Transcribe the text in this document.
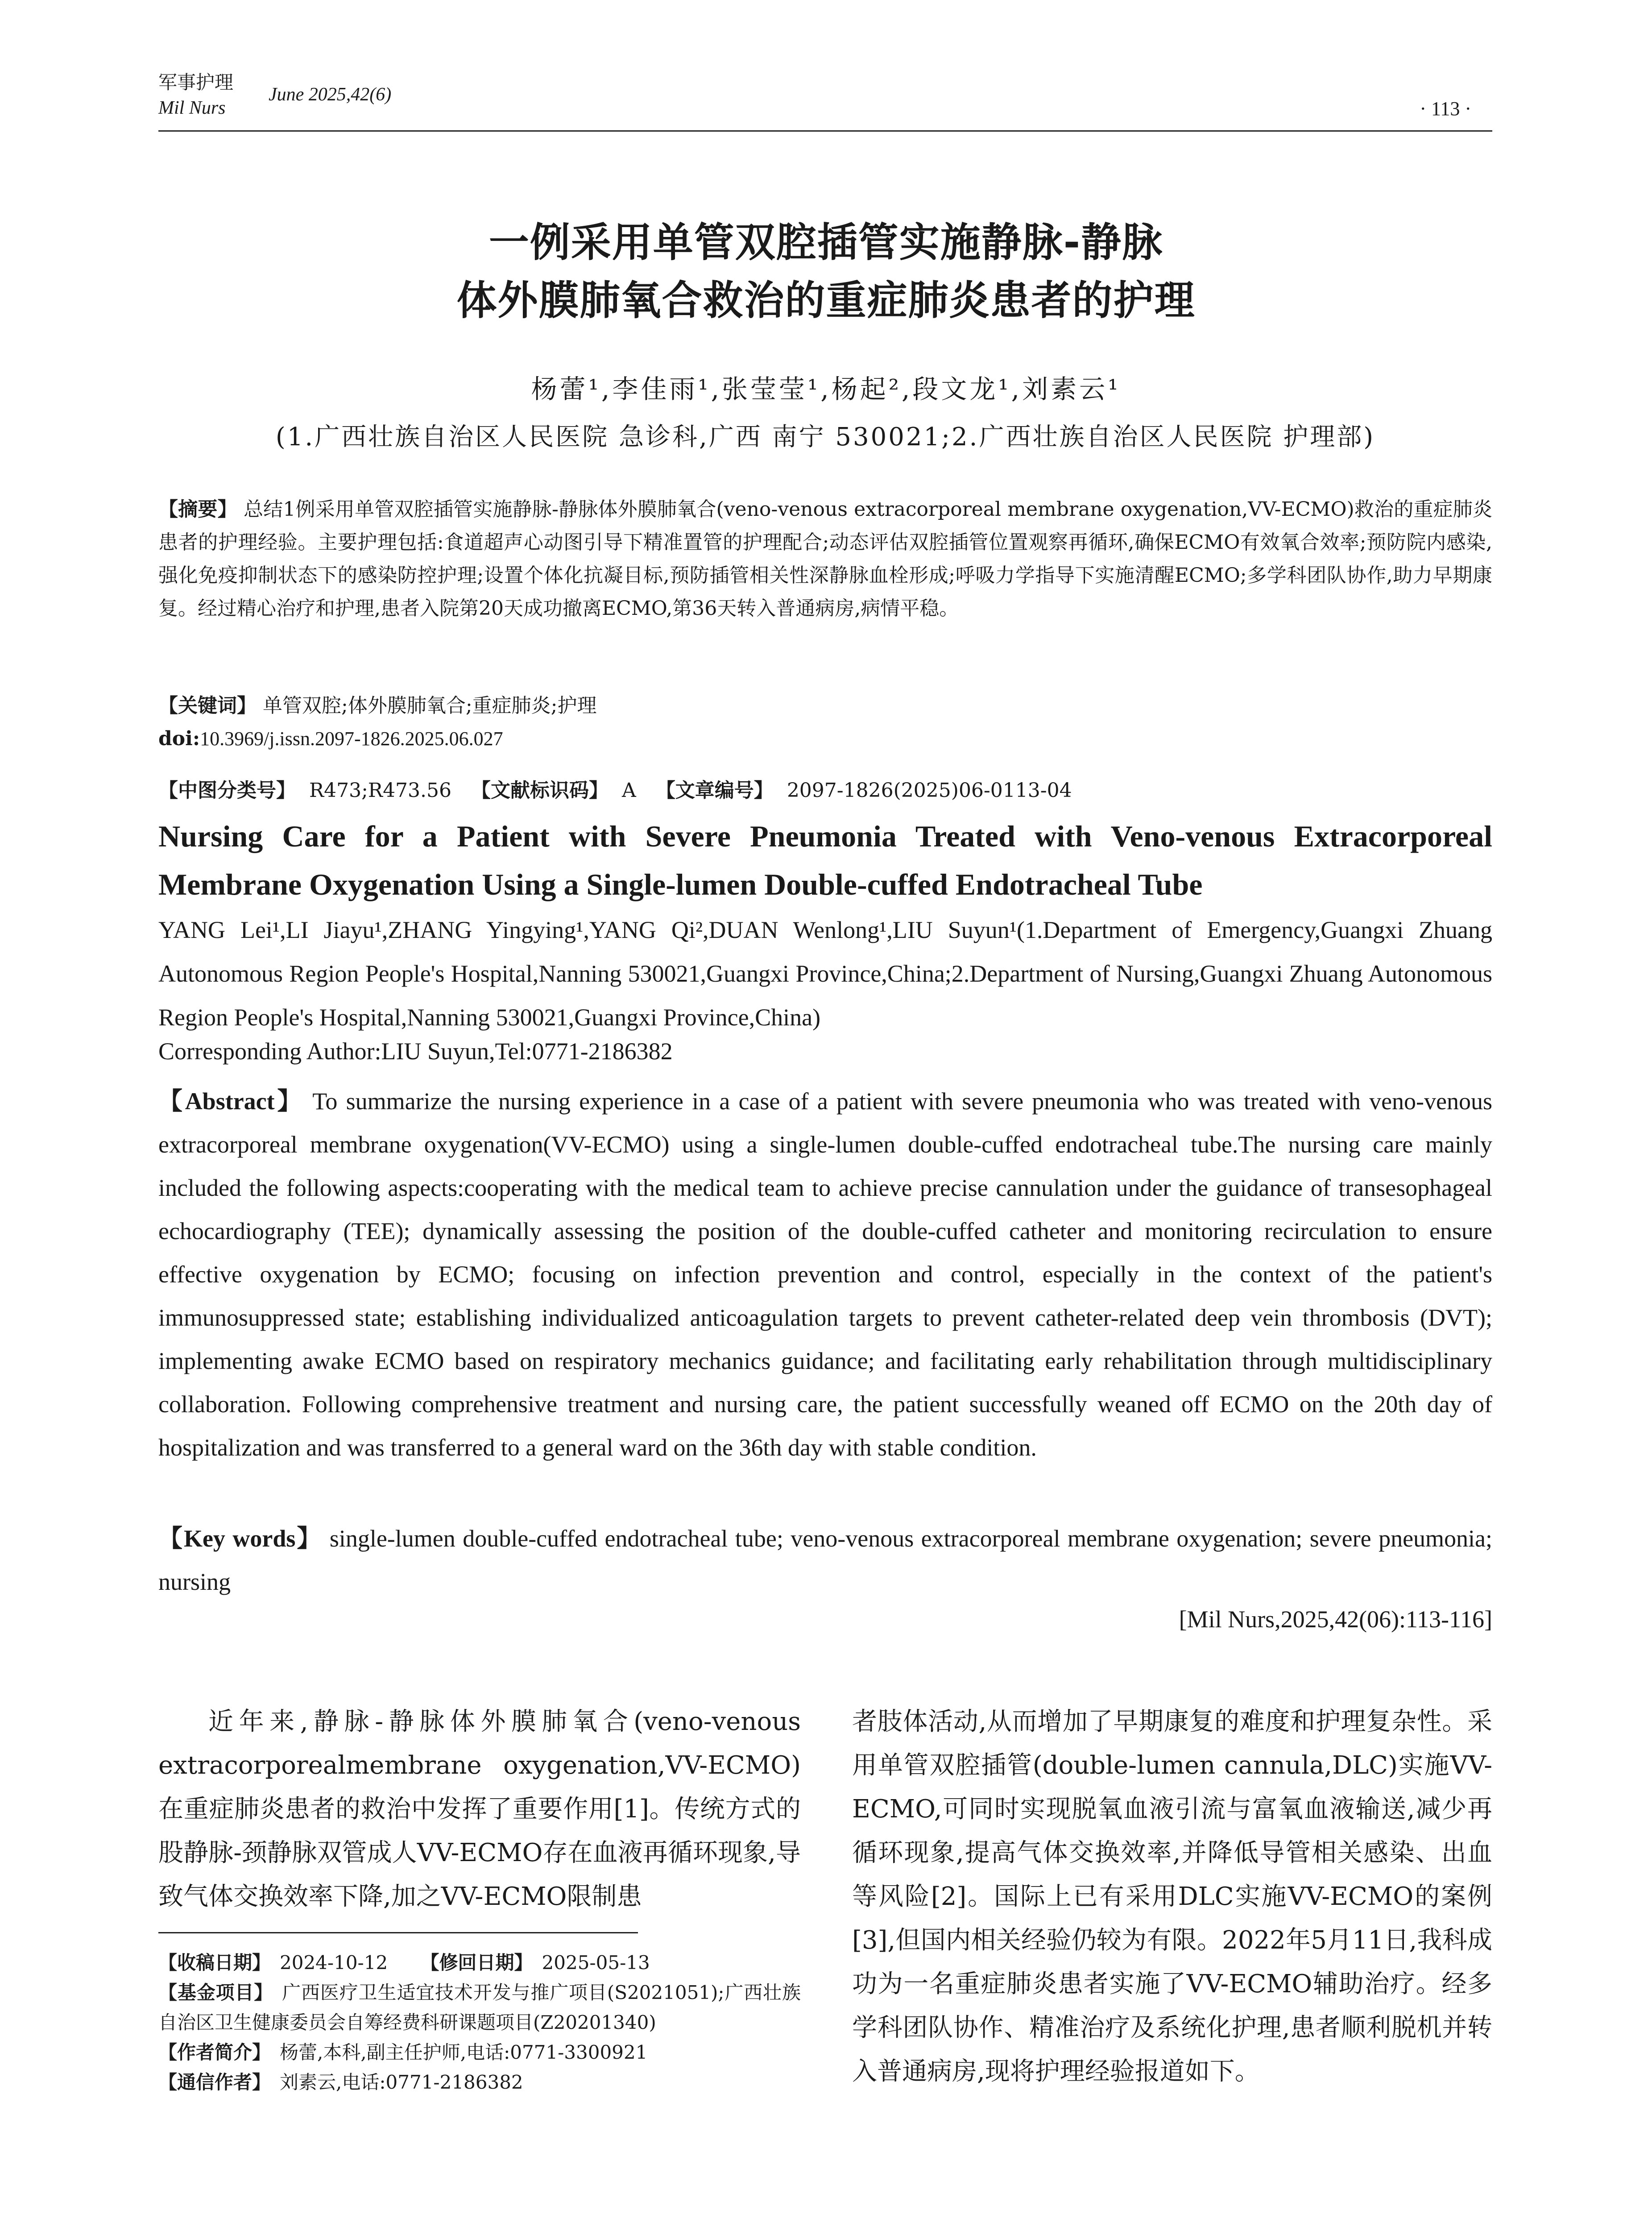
军事护理
Mil Nurs
June 2025,42(6)
· 113 ·
一例采用单管双腔插管实施静脉-静脉
体外膜肺氧合救治的重症肺炎患者的护理
杨蕾¹,李佳雨¹,张莹莹¹,杨起²,段文龙¹,刘素云¹
(1.广西壮族自治区人民医院 急诊科,广西 南宁 530021;2.广西壮族自治区人民医院 护理部)
【摘要】 总结1例采用单管双腔插管实施静脉-静脉体外膜肺氧合(veno-venous extracorporeal membrane oxygenation,VV-ECMO)救治的重症肺炎患者的护理经验。主要护理包括:食道超声心动图引导下精准置管的护理配合;动态评估双腔插管位置观察再循环,确保ECMO有效氧合效率;预防院内感染,强化免疫抑制状态下的感染防控护理;设置个体化抗凝目标,预防插管相关性深静脉血栓形成;呼吸力学指导下实施清醒ECMO;多学科团队协作,助力早期康复。经过精心治疗和护理,患者入院第20天成功撤离ECMO,第36天转入普通病房,病情平稳。
【关键词】 单管双腔;体外膜肺氧合;重症肺炎;护理
doi:10.3969/j.issn.2097-1826.2025.06.027
【中图分类号】 R473;R473.56 【文献标识码】 A 【文章编号】 2097-1826(2025)06-0113-04
Nursing Care for a Patient with Severe Pneumonia Treated with Veno-venous Extracorporeal Membrane Oxygenation Using a Single-lumen Double-cuffed Endotracheal Tube
YANG Lei¹,LI Jiayu¹,ZHANG Yingying¹,YANG Qi²,DUAN Wenlong¹,LIU Suyun¹(1.Department of Emergency,Guangxi Zhuang Autonomous Region People's Hospital,Nanning 530021,Guangxi Province,China;2.Department of Nursing,Guangxi Zhuang Autonomous Region People's Hospital,Nanning 530021,Guangxi Province,China)
Corresponding Author:LIU Suyun,Tel:0771-2186382
【Abstract】 To summarize the nursing experience in a case of a patient with severe pneumonia who was treated with veno-venous extracorporeal membrane oxygenation(VV-ECMO) using a single-lumen double-cuffed endotracheal tube.The nursing care mainly included the following aspects:cooperating with the medical team to achieve precise cannulation under the guidance of transesophageal echocardiography (TEE); dynamically assessing the position of the double-cuffed catheter and monitoring recirculation to ensure effective oxygenation by ECMO; focusing on infection prevention and control, especially in the context of the patient's immunosuppressed state; establishing individualized anticoagulation targets to prevent catheter-related deep vein thrombosis (DVT); implementing awake ECMO based on respiratory mechanics guidance; and facilitating early rehabilitation through multidisciplinary collaboration. Following comprehensive treatment and nursing care, the patient successfully weaned off ECMO on the 20th day of hospitalization and was transferred to a general ward on the 36th day with stable condition.
【Key words】 single-lumen double-cuffed endotracheal tube; veno-venous extracorporeal membrane oxygenation; severe pneumonia; nursing
[Mil Nurs,2025,42(06):113-116]
近年来,静脉-静脉体外膜肺氧合(veno-venous extracorporealmembrane oxygenation,VV-ECMO)在重症肺炎患者的救治中发挥了重要作用[1]。传统方式的股静脉-颈静脉双管成人VV-ECMO存在血液再循环现象,导致气体交换效率下降,加之VV-ECMO限制患
者肢体活动,从而增加了早期康复的难度和护理复杂性。采用单管双腔插管(double-lumen cannula,DLC)实施VV-ECMO,可同时实现脱氧血液引流与富氧血液输送,减少再循环现象,提高气体交换效率,并降低导管相关感染、出血等风险[2]。国际上已有采用DLC实施VV-ECMO的案例[3],但国内相关经验仍较为有限。2022年5月11日,我科成功为一名重症肺炎患者实施了VV-ECMO辅助治疗。经多学科团队协作、精准治疗及系统化护理,患者顺利脱机并转入普通病房,现将护理经验报道如下。
【收稿日期】 2024-10-12 【修回日期】 2025-05-13
【基金项目】 广西医疗卫生适宜技术开发与推广项目(S2021051);广西壮族自治区卫生健康委员会自筹经费科研课题项目(Z20201340)
【作者简介】 杨蕾,本科,副主任护师,电话:0771-3300921
【通信作者】 刘素云,电话:0771-2186382
